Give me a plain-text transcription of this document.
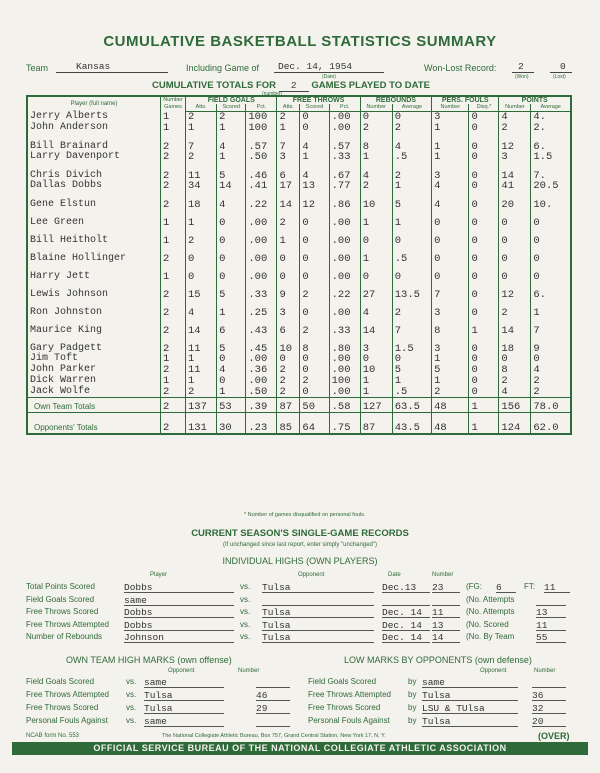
CUMULATIVE BASKETBALL STATISTICS SUMMARY
Team	Kansas	Including Game of Dec. 14, 1954
(Date)
Won-Lost Record: 2	0
(Won)	(Lost)
CUMULATIVE TOTALS FOR 2 GAMES PLAYED TO DATE
(number)
Player (full name)	Number Games	FIELD GOALS			FREE THROWS			REBOUNDS		PERS. FOULS		POINTS	
		Atts.	Scored	Pct.	Atts.	Scored	Pct.	Number	Average	Number	Disq.*	Number	Average
Jerry Alberts	1	2	2	100	2	0	.00	0	0	3	0	4	4.
John Anderson	1	1	1	100	1	0	.00	2	2	1	0	2	2.
Bill Brainard	2	7	4	.57	7	4	.57	8	4	1	0	12	6.
Larry Davenport	2	2	1	.50	3	1	.33	1	.5	1	0	3	1.5
Chris Divich	2	11	5	.46	6	4	.67	4	2	3	0	14	7.
Dallas Dobbs	2	34	14	.41	17	13	.77	2	1	4	0	41	20.5
Gene Elstun	2	18	4	.22	14	12	.86	10	5	4	0	20	10.
Lee Green	1	1	0	.00	2	0	.00	1	1	0	0	0	0
Bill Heitholt	1	2	0	.00	1	0	.00	0	0	0	0	0	0
Blaine Hollinger	2	0	0	.00	0	0	.00	1	.5	0	0	0	0
Harry Jett	1	0	0	.00	0	0	.00	0	0	0	0	0	0
Lewis Johnson	2	15	5	.33	9	2	.22	27	13.5	7	0	12	6.
Ron Johnston	2	4	1	.25	3	0	.00	4	2	3	0	2	1
Maurice King	2	14	6	.43	6	2	.33	14	7	8	1	14	7
Gary Padgett	2	11	5	.45	10	8	.80	3	1.5	3	0	18	9
Jim Toft	1	1	0	.00	0	0	.00	0	0	1	0	0	0
John Parker	2	11	4	.36	2	0	.00	10	5	5	0	8	4
Dick Warren	1	1	0	.00	2	2	100	1	1	1	0	2	2
Jack Wolfe	2	2	1	.50	2	0	.00	1	.5	2	0	4	2
Own Team Totals	2	137	53	.39	87	50	.58	127	63.5	48	1	156	78.0
Opponents' Totals	2	131	30	.23	85	64	.75	87	43.5	48	1	124	62.0
* Number of games disqualified on personal fouls.
CURRENT SEASON'S SINGLE-GAME RECORDS
(If unchanged since last report, enter simply "unchanged")
INDIVIDUAL HIGHS (OWN PLAYERS)
Player	Opponent	Date	Number
Total Points Scored	Dobbs	vs. Tulsa	Dec.13	23	(FG: 6	FT: 11
Field Goals Scored	same	vs.	(No. Attempts
Free Throws Scored	Dobbs	vs. Tulsa	Dec. 14	11	(No. Attempts 13
Free Throws Attempted Dobbs	vs. Tulsa	Dec. 14	13	(No. Scored	11
Number of Rebounds Johnson	vs. Tulsa	Dec. 14	14	(No. By Team 55
OWN TEAM HIGH MARKS (own offense)	LOW MARKS BY OPPONENTS (own defense)
Opponent	Number	Opponent	Number
Field Goals Scored	vs. same
Free Throws Attempted vs. Tulsa	46
Free Throws Scored	vs. Tulsa	29
Personal Fouls Against vs. same
Field Goals Scored	by same
Free Throws Attempted by Tulsa	36
Free Throws Scored	by LSU & TUlsa	32
Personal Fouls Against by Tulsa	20
NCAB form No. 553	The National Collegiate Athletic Bureau, Box 757, Grand Central Station, New York 17, N. Y.	(OVER)
OFFICIAL SERVICE BUREAU OF THE NATIONAL COLLEGIATE ATHLETIC ASSOCIATION
